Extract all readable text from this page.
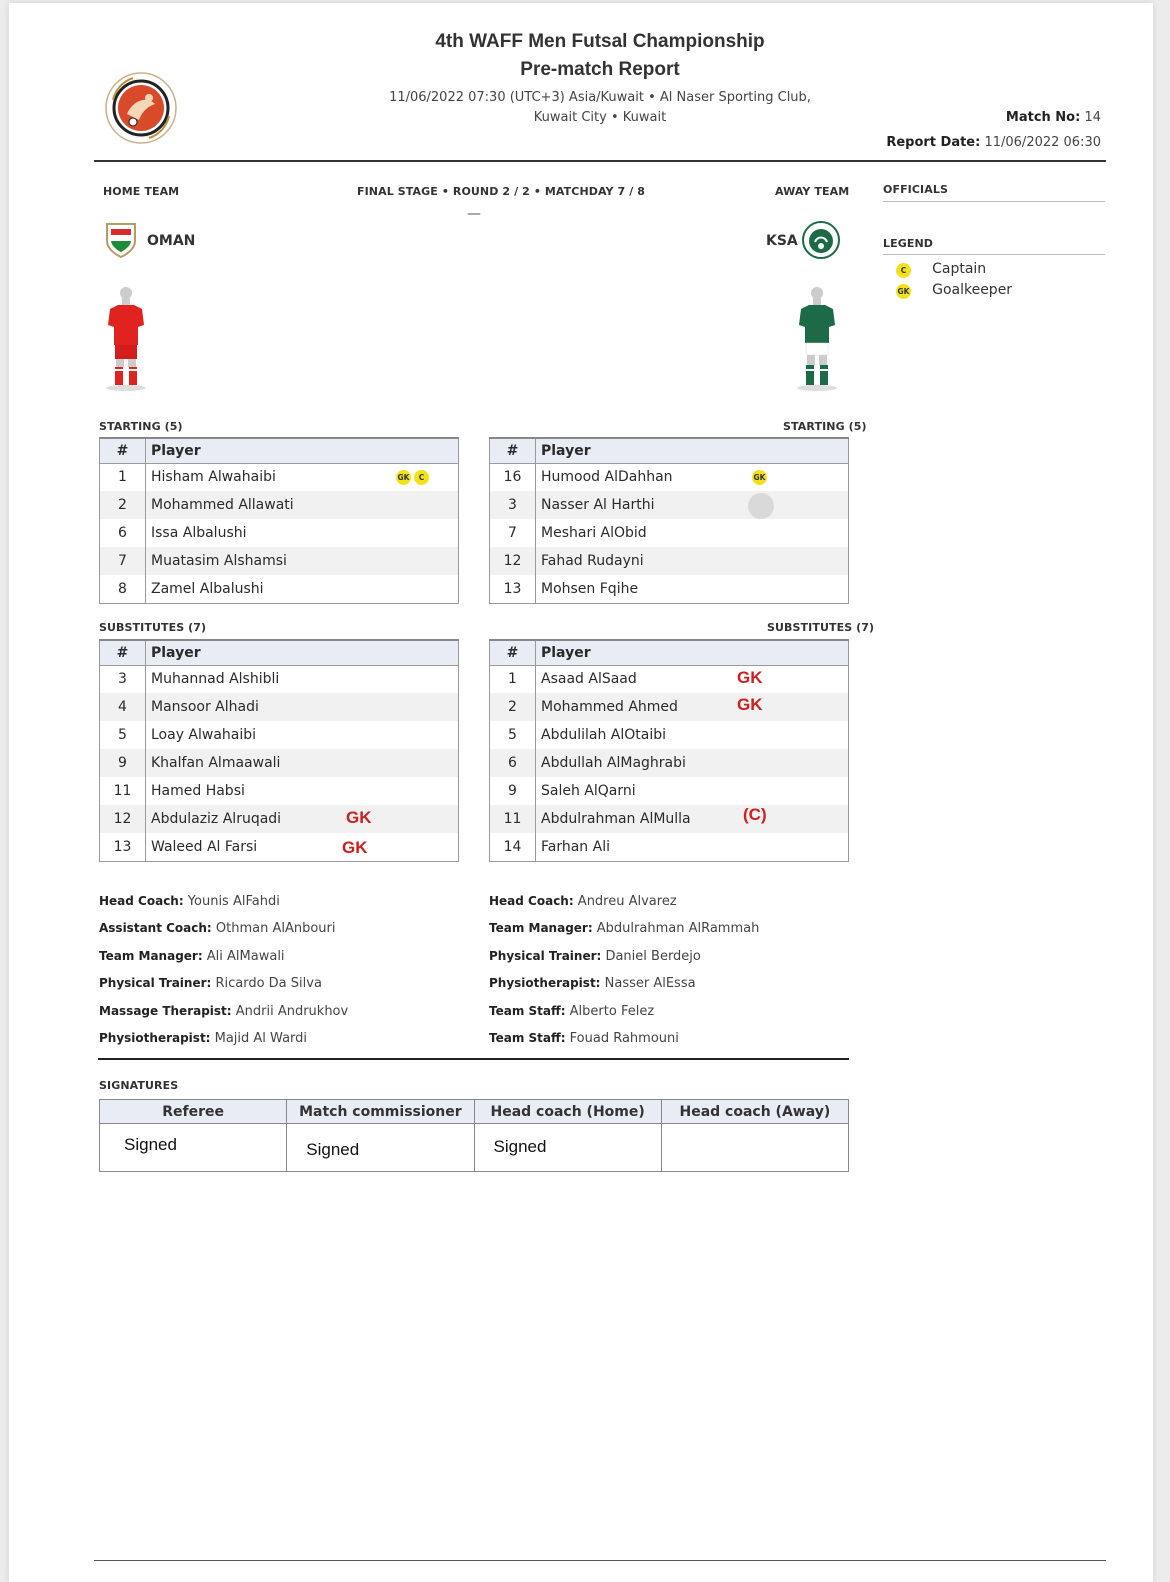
4th WAFF Men Futsal Championship
Pre-match Report
11/06/2022 07:30 (UTC+3) Asia/Kuwait • Al Naser Sporting Club,
Kuwait City • Kuwait	Match No: 14
Report Date: 11/06/2022 06:30
HOME TEAM	FINAL STAGE • ROUND 2 / 2 • MATCHDAY 7 / 8
—
AWAY TEAM
OMAN	KSA
OFFICIALS
LEGEND
C Captain
GK Goalkeeper
STARTING (5)	STARTING (5)
#	Player
1	Hisham Alwahaibi GK C

2	Mohammed Allawati
6	Issa Albalushi
7	Muatasim Alshamsi
8	Zamel Albalushi
#	Player
16	Humood AlDahhan GK

3	Nasser Al Harthi

7	Meshari AlObid
12	Fahad Rudayni
13	Mohsen Fqihe
SUBSTITUTES (7)	SUBSTITUTES (7)
#	Player
3	Muhannad Alshibli
4	Mansoor Alhadi
5	Loay Alwahaibi
9	Khalfan Almaawali
11	Hamed Habsi
12	Abdulaziz Alruqadi GK

13	Waleed Al Farsi GK
#	Player
1	Asaad AlSaad GK

2	Mohammed Ahmed GK

5	Abdulilah AlOtaibi
6	Abdullah AlMaghrabi
9	Saleh AlQarni
11	Abdulrahman AlMulla (C)

14	Farhan Ali
Head Coach: Younis AlFahdi
Assistant Coach: Othman AlAnbouri
Team Manager: Ali AlMawali
Physical Trainer: Ricardo Da Silva
Massage Therapist: Andrii Andrukhov
Physiotherapist: Majid Al Wardi
Head Coach: Andreu Alvarez
Team Manager: Abdulrahman AlRammah
Physical Trainer: Daniel Berdejo
Physiotherapist: Nasser AlEssa
Team Staff: Alberto Felez
Team Staff: Fouad Rahmouni
SIGNATURES
Referee	Match commissioner	Head coach (Home)	Head coach (Away)
Signed	Signed	Signed	
